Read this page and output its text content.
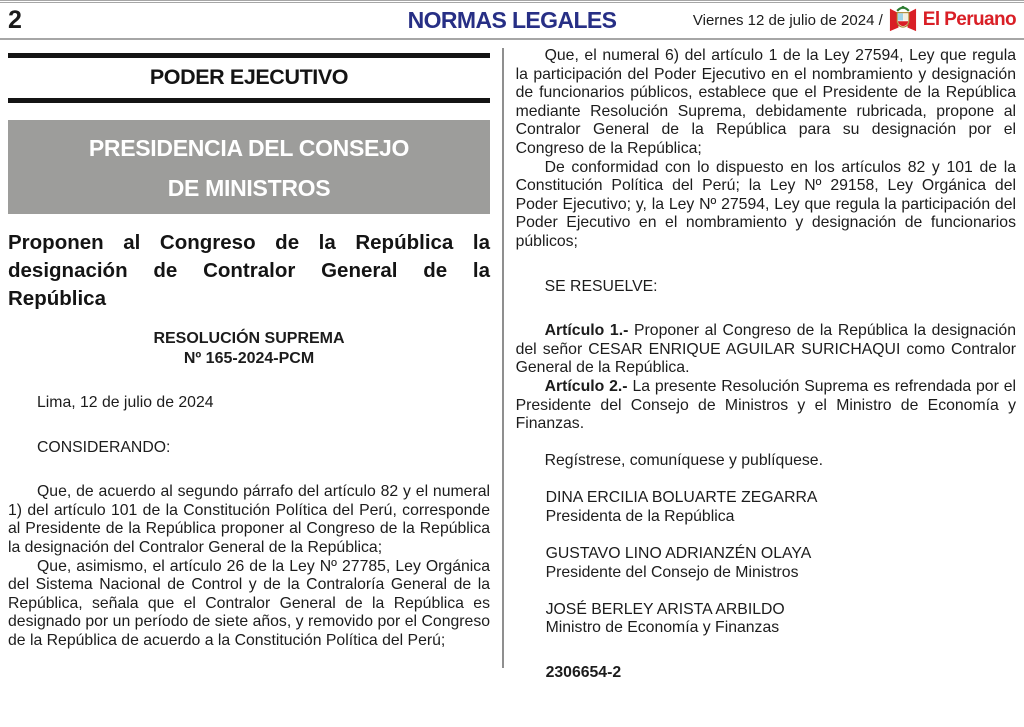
2	NORMAS LEGALES	Viernes 12 de julio de 2024 / El Peruano
PODER EJECUTIVO
PRESIDENCIA DEL CONSEJO
DE MINISTROS
Proponen al Congreso de la República la designación de Contralor General de la República
RESOLUCIÓN SUPREMA
Nº 165-2024-PCM

Lima, 12 de julio de 2024

CONSIDERANDO:

Que, de acuerdo al segundo párrafo del artículo 82 y el numeral 1) del artículo 101 de la Constitución Política del Perú, corresponde al Presidente de la República proponer al Congreso de la República la designación del Contralor General de la República;

Que, asimismo, el artículo 26 de la Ley Nº 27785, Ley Orgánica del Sistema Nacional de Control y de la Contraloría General de la República, señala que el Contralor General de la República es designado por un período de siete años, y removido por el Congreso de la República de acuerdo a la Constitución Política del Perú;

Que, el numeral 6) del artículo 1 de la Ley 27594, Ley que regula la participación del Poder Ejecutivo en el nombramiento y designación de funcionarios públicos, establece que el Presidente de la República mediante Resolución Suprema, debidamente rubricada, propone al Contralor General de la República para su designación por el Congreso de la República;

De conformidad con lo dispuesto en los artículos 82 y 101 de la Constitución Política del Perú; la Ley Nº 29158, Ley Orgánica del Poder Ejecutivo; y, la Ley Nº 27594, Ley que regula la participación del Poder Ejecutivo en el nombramiento y designación de funcionarios públicos;

SE RESUELVE:

Artículo 1.- Proponer al Congreso de la República la designación del señor CESAR ENRIQUE AGUILAR SURICHAQUI como Contralor General de la República.

Artículo 2.- La presente Resolución Suprema es refrendada por el Presidente del Consejo de Ministros y el Ministro de Economía y Finanzas.

Regístrese, comuníquese y publíquese.

DINA ERCILIA BOLUARTE ZEGARRA
Presidenta de la República
GUSTAVO LINO ADRIANZÉN OLAYA
Presidente del Consejo de Ministros
JOSÉ BERLEY ARISTA ARBILDO
Ministro de Economía y Finanzas

2306654-2
